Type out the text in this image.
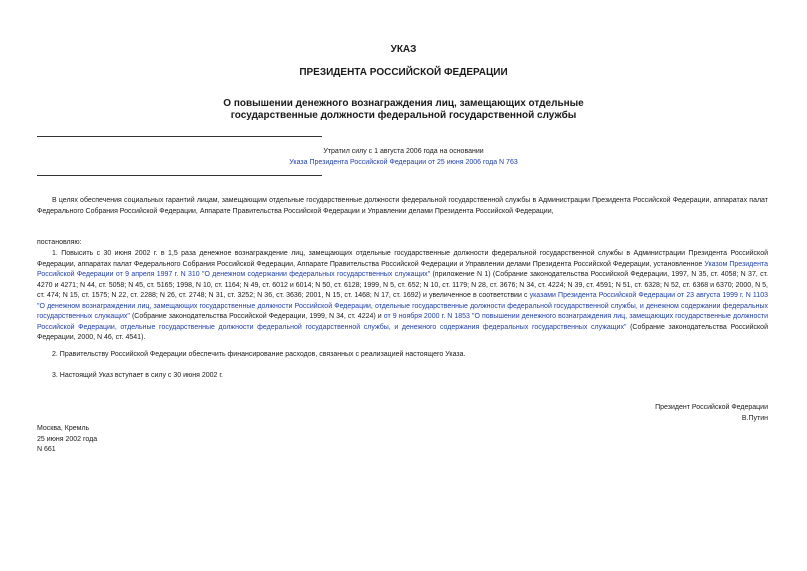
УКАЗ
ПРЕЗИДЕНТА РОССИЙСКОЙ ФЕДЕРАЦИИ
О повышении денежного вознаграждения лиц, замещающих отдельные
государственные должности федеральной государственной службы
Утратил силу с 1 августа 2006 года на основании
Указа Президента Российской Федерации от 25 июня 2006 года N 763
В целях обеспечения социальных гарантий лицам, замещающим отдельные государственные должности федеральной государственной службы в Администрации Президента Российской Федерации, аппаратах палат Федерального Собрания Российской Федерации, Аппарате Правительства Российской Федерации и Управлении делами Президента Российской Федерации,
постановляю:
1. Повысить с 30 июня 2002 г. в 1,5 раза денежное вознаграждение лиц, замещающих отдельные государственные должности федеральной государственной службы в Администрации Президента Российской Федерации, аппаратах палат Федерального Собрания Российской Федерации, Аппарате Правительства Российской Федерации и Управлении делами Президента Российской Федерации, установленное Указом Президента Российской Федерации от 9 апреля 1997 г. N 310 "О денежном содержании федеральных государственных служащих" (приложение N 1) (Собрание законодательства Российской Федерации, 1997, N 35, ст. 4058; N 37, ст. 4270 и 4271; N 44, ст. 5058; N 45, ст. 5165; 1998, N 10, ст. 1164; N 49, ст. 6012 и 6014; N 50, ст. 6128; 1999, N 5, ст. 652; N 10, ст. 1179; N 28, ст. 3676; N 34, ст. 4224; N 39, ст. 4591; N 51, ст. 6328; N 52, ст. 6368 и 6370; 2000, N 5, ст. 474; N 15, ст. 1575; N 22, ст. 2288; N 26, ст. 2748; N 31, ст. 3252; N 36, ст. 3636; 2001, N 15, ст. 1468; N 17, ст. 1692) и увеличенное в соответствии с указами Президента Российской Федерации от 23 августа 1999 г. N 1103 "О денежном вознаграждении лиц, замещающих государственные должности Российской Федерации, отдельные государственные должности федеральной государственной службы, и денежном содержании федеральных государственных служащих" (Собрание законодательства Российской Федерации, 1999, N 34, ст. 4224) и от 9 ноября 2000 г. N 1853 "О повышении денежного вознаграждения лиц, замещающих государственные должности Российской Федерации, отдельные государственные должности федеральной государственной службы, и денежного содержания федеральных государственных служащих" (Собрание законодательства Российской Федерации, 2000, N 46, ст. 4541).
2. Правительству Российской Федерации обеспечить финансирование расходов, связанных с реализацией настоящего Указа.
3. Настоящий Указ вступает в силу с 30 июня 2002 г.
Президент Российской Федерации
В.Путин
Москва, Кремль
25 июня 2002 года
N 661
